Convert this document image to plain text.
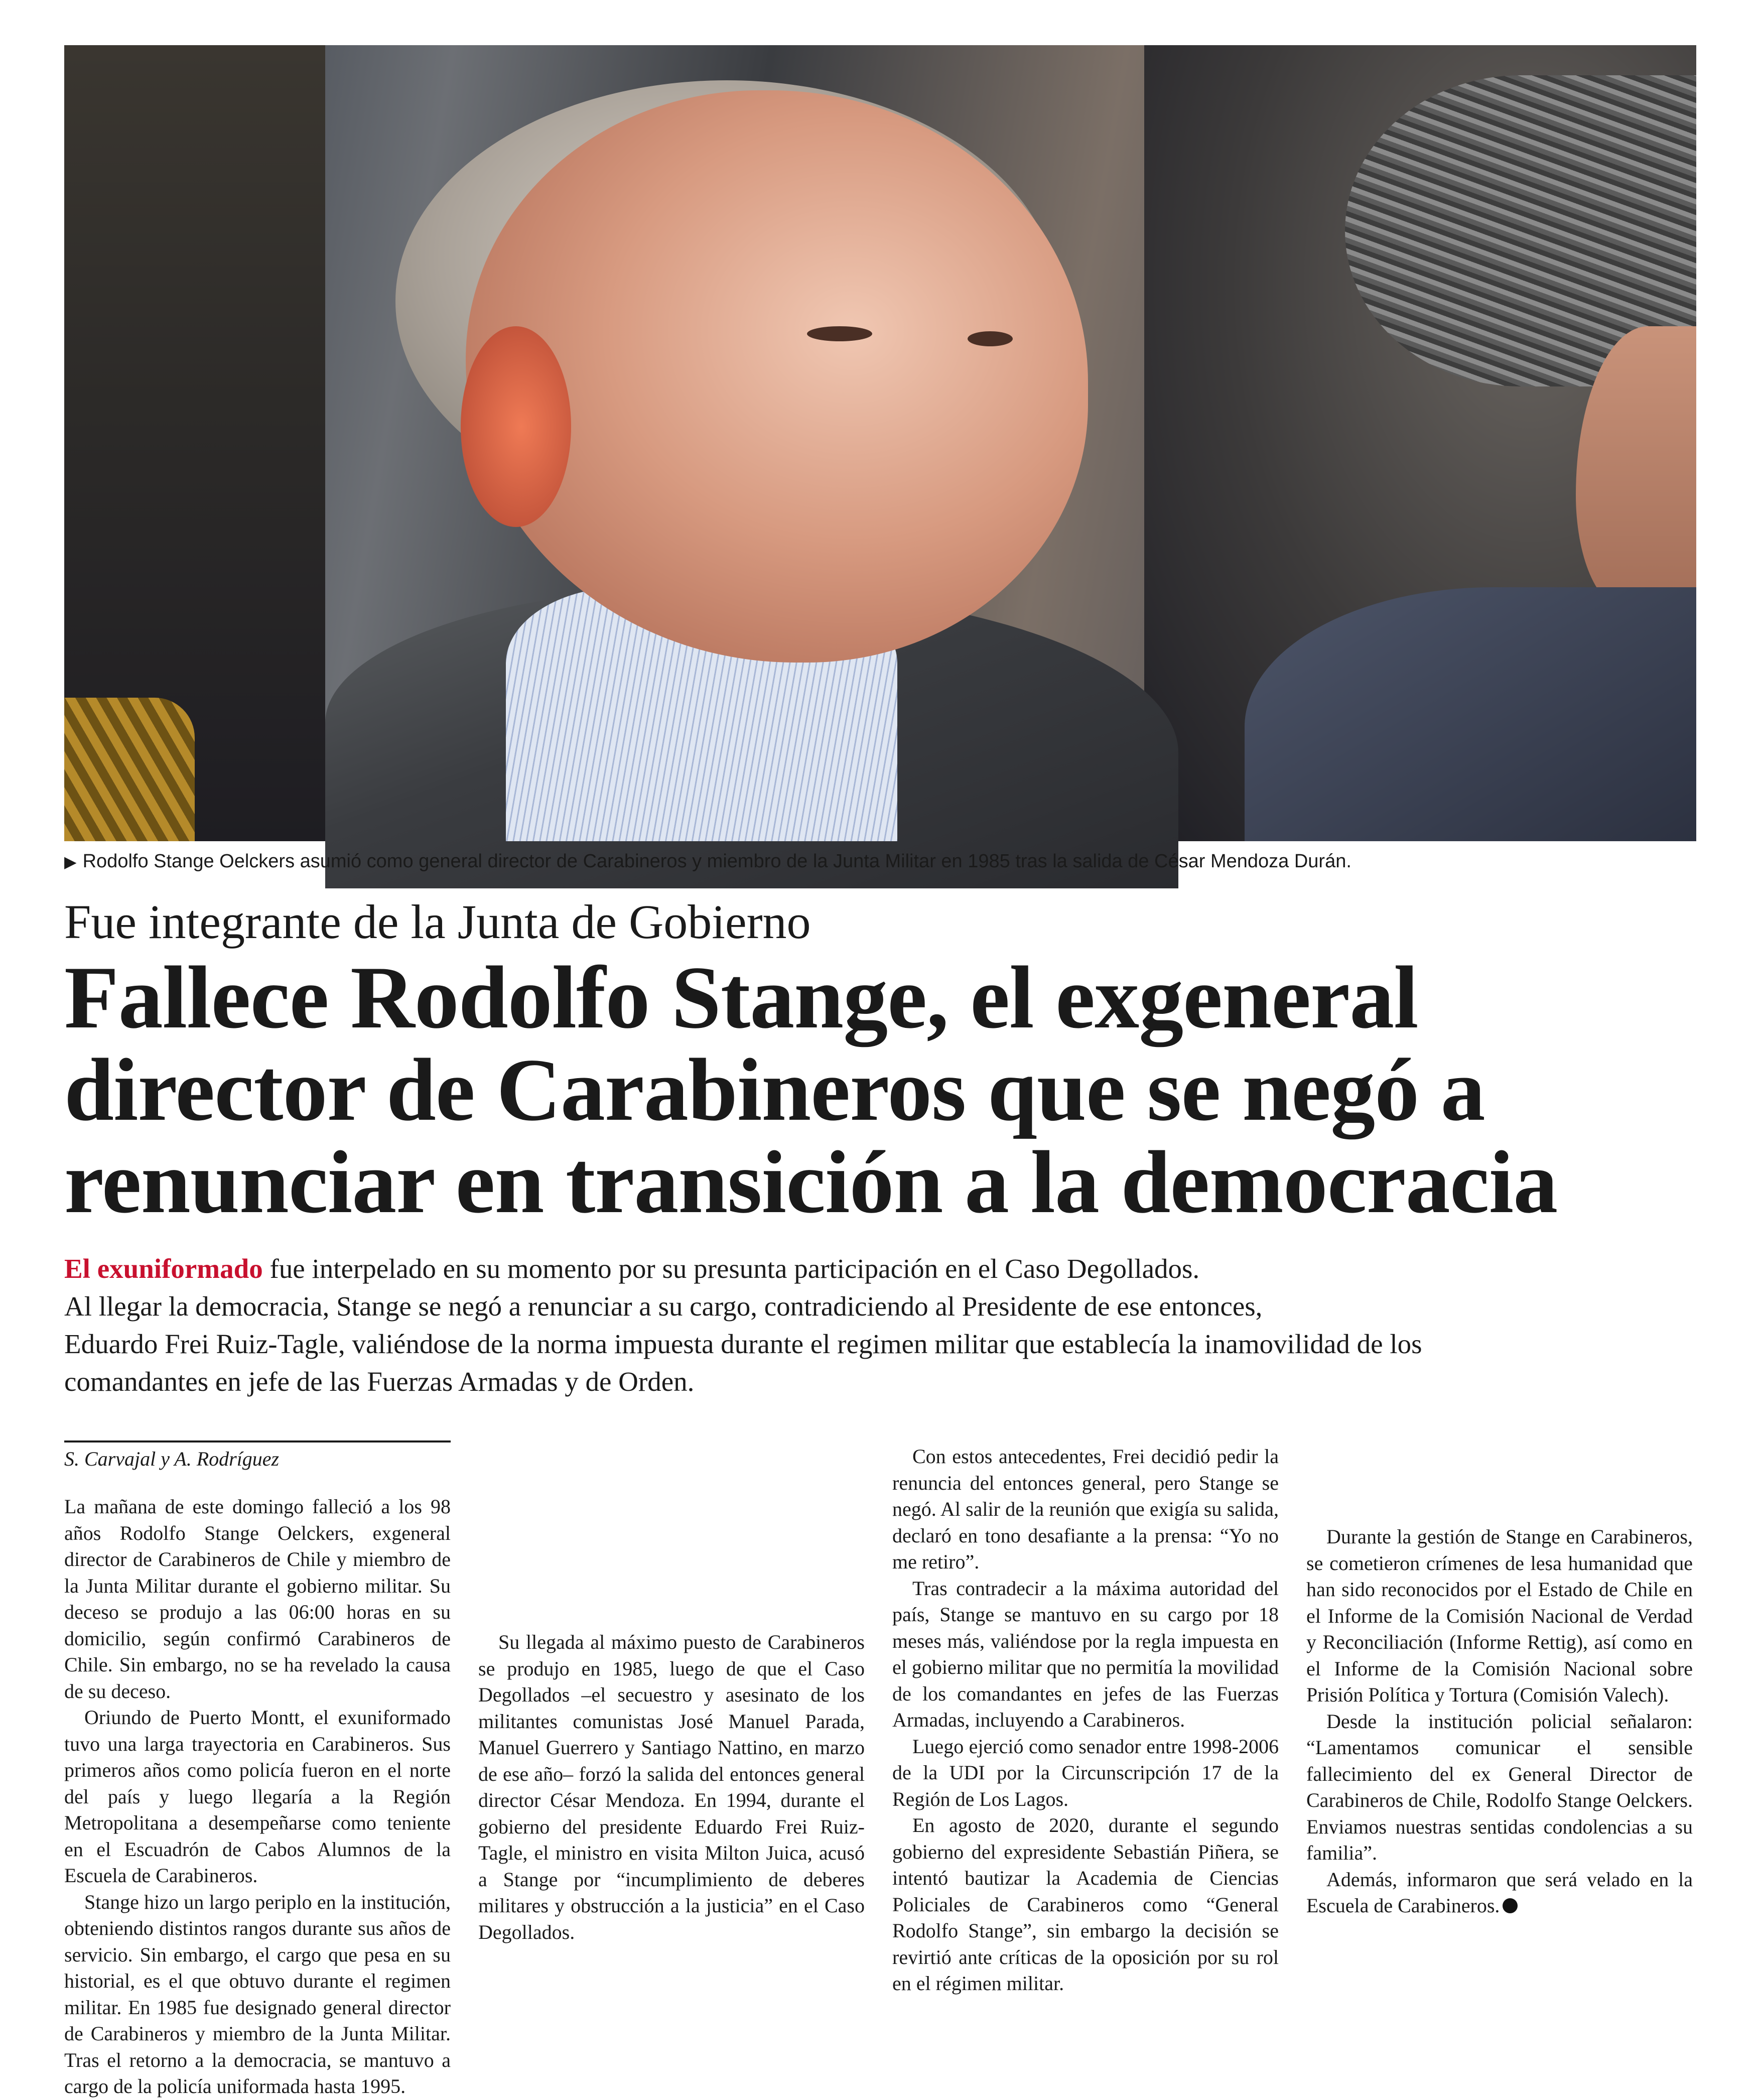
▶ Rodolfo Stange Oelckers asumió como general director de Carabineros y miembro de la Junta Militar en 1985 tras la salida de César Mendoza Durán.
Fue integrante de la Junta de Gobierno
Fallece Rodolfo Stange, el exgeneral
director de Carabineros que se negó a
renunciar en transición a la democracia
El exuniformado fue interpelado en su momento por su presunta participación en el Caso Degollados.
Al llegar la democracia, Stange se negó a renunciar a su cargo, contradiciendo al Presidente de ese entonces,
Eduardo Frei Ruiz-Tagle, valiéndose de la norma impuesta durante el regimen militar que establecía la inamovilidad de los
comandantes en jefe de las Fuerzas Armadas y de Orden.
S. Carvajal y A. Rodríguez

La mañana de este domingo falleció a los 98 años Rodolfo Stange Oelckers, exgeneral director de Carabineros de Chile y miembro de la Junta Militar durante el gobierno militar. Su deceso se produjo a las 06:00 horas en su domicilio, según confirmó Carabineros de Chile. Sin embargo, no se ha revelado la causa de su deceso.

Oriundo de Puerto Montt, el exuniformado tuvo una larga trayectoria en Carabineros. Sus primeros años como policía fueron en el norte del país y luego llegaría a la Región Metropolitana a desempeñarse como teniente en el Escuadrón de Cabos Alumnos de la Escuela de Carabineros.

Stange hizo un largo periplo en la institución, obteniendo distintos rangos durante sus años de servicio. Sin embargo, el cargo que pesa en su historial, es el que obtuvo durante el regimen militar. En 1985 fue designado general director de Carabineros y miembro de la Junta Militar. Tras el retorno a la democracia, se mantuvo a cargo de la policía uniformada hasta 1995.

Su llegada al máximo puesto de Carabineros se produjo en 1985, luego de que el Caso Degollados –el secuestro y asesinato de los militantes comunistas José Manuel Parada, Manuel Guerrero y Santiago Nattino, en marzo de ese año– forzó la salida del entonces general director César Mendoza. En 1994, durante el gobierno del presidente Eduardo Frei Ruiz-Tagle, el ministro en visita Milton Juica, acusó a Stange por “incumplimiento de deberes militares y obstrucción a la justicia” en el Caso Degollados.

Con estos antecedentes, Frei decidió pedir la renuncia del entonces general, pero Stange se negó. Al salir de la reunión que exigía su salida, declaró en tono desafiante a la prensa: “Yo no me retiro”.

Tras contradecir a la máxima autoridad del país, Stange se mantuvo en su cargo por 18 meses más, valiéndose por la regla impuesta en el gobierno militar que no permitía la movilidad de los comandantes en jefes de las Fuerzas Armadas, incluyendo a Carabineros.

Luego ejerció como senador entre 1998-2006 de la UDI por la Circunscripción 17 de la Región de Los Lagos.

En agosto de 2020, durante el segundo gobierno del expresidente Sebastián Piñera, se intentó bautizar la Academia de Ciencias Policiales de Carabineros como “General Rodolfo Stange”, sin embargo la decisión se revirtió ante críticas de la oposición por su rol en el régimen militar.

Durante la gestión de Stange en Carabineros, se cometieron crímenes de lesa humanidad que han sido reconocidos por el Estado de Chile en el Informe de la Comisión Nacional de Verdad y Reconciliación (Informe Rettig), así como en el Informe de la Comisión Nacional sobre Prisión Política y Tortura (Comisión Valech).

Desde la institución policial señalaron: “Lamentamos comunicar el sensible fallecimiento del ex General Director de Carabineros de Chile, Rodolfo Stange Oelckers. Enviamos nuestras sentidas condolencias a su familia”.

Además, informaron que será velado en la Escuela de Carabineros.
